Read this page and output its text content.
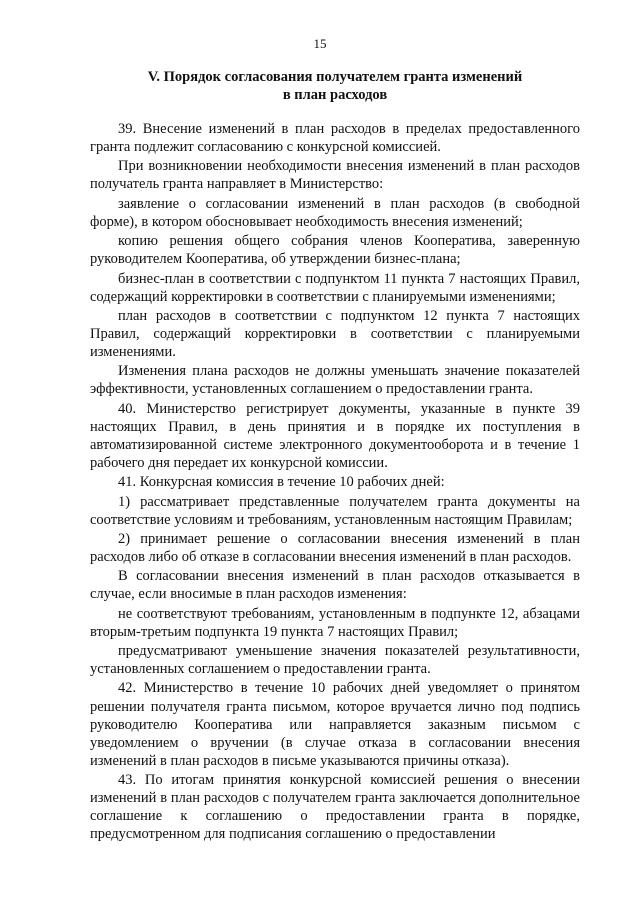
15
V. Порядок согласования получателем гранта изменений
в план расходов

39. Внесение изменений в план расходов в пределах предоставленного гранта подлежит согласованию с конкурсной комиссией.

При возникновении необходимости внесения изменений в план расходов получатель гранта направляет в Министерство:

заявление о согласовании изменений в план расходов (в свободной форме), в котором обосновывает необходимость внесения изменений;

копию решения общего собрания членов Кооператива, заверенную руководителем Кооператива, об утверждении бизнес-плана;

бизнес-план в соответствии с подпунктом 11 пункта 7 настоящих Правил, содержащий корректировки в соответствии с планируемыми изменениями;

план расходов в соответствии с подпунктом 12 пункта 7 настоящих Правил, содержащий корректировки в соответствии с планируемыми изменениями.

Изменения плана расходов не должны уменьшать значение показателей эффективности, установленных соглашением о предоставлении гранта.

40. Министерство регистрирует документы, указанные в пункте 39 настоящих Правил, в день принятия и в порядке их поступления в автоматизированной системе электронного документооборота и в течение 1 рабочего дня передает их конкурсной комиссии.

41. Конкурсная комиссия в течение 10 рабочих дней:

1) рассматривает представленные получателем гранта документы на соответствие условиям и требованиям, установленным настоящим Правилам;

2) принимает решение о согласовании внесения изменений в план расходов либо об отказе в согласовании внесения изменений в план расходов.

В согласовании внесения изменений в план расходов отказывается в случае, если вносимые в план расходов изменения:

не соответствуют требованиям, установленным в подпункте 12, абзацами вторым-третьим подпункта 19 пункта 7 настоящих Правил;

предусматривают уменьшение значения показателей результативности, установленных соглашением о предоставлении гранта.

42. Министерство в течение 10 рабочих дней уведомляет о принятом решении получателя гранта письмом, которое вручается лично под подпись руководителю Кооператива или направляется заказным письмом с уведомлением о вручении (в случае отказа в согласовании внесения изменений в план расходов в письме указываются причины отказа).

43. По итогам принятия конкурсной комиссией решения о внесении изменений в план расходов с получателем гранта заключается дополнительное соглашение к соглашению о предоставлении гранта в порядке, предусмотренном для подписания соглашению о предоставлении
